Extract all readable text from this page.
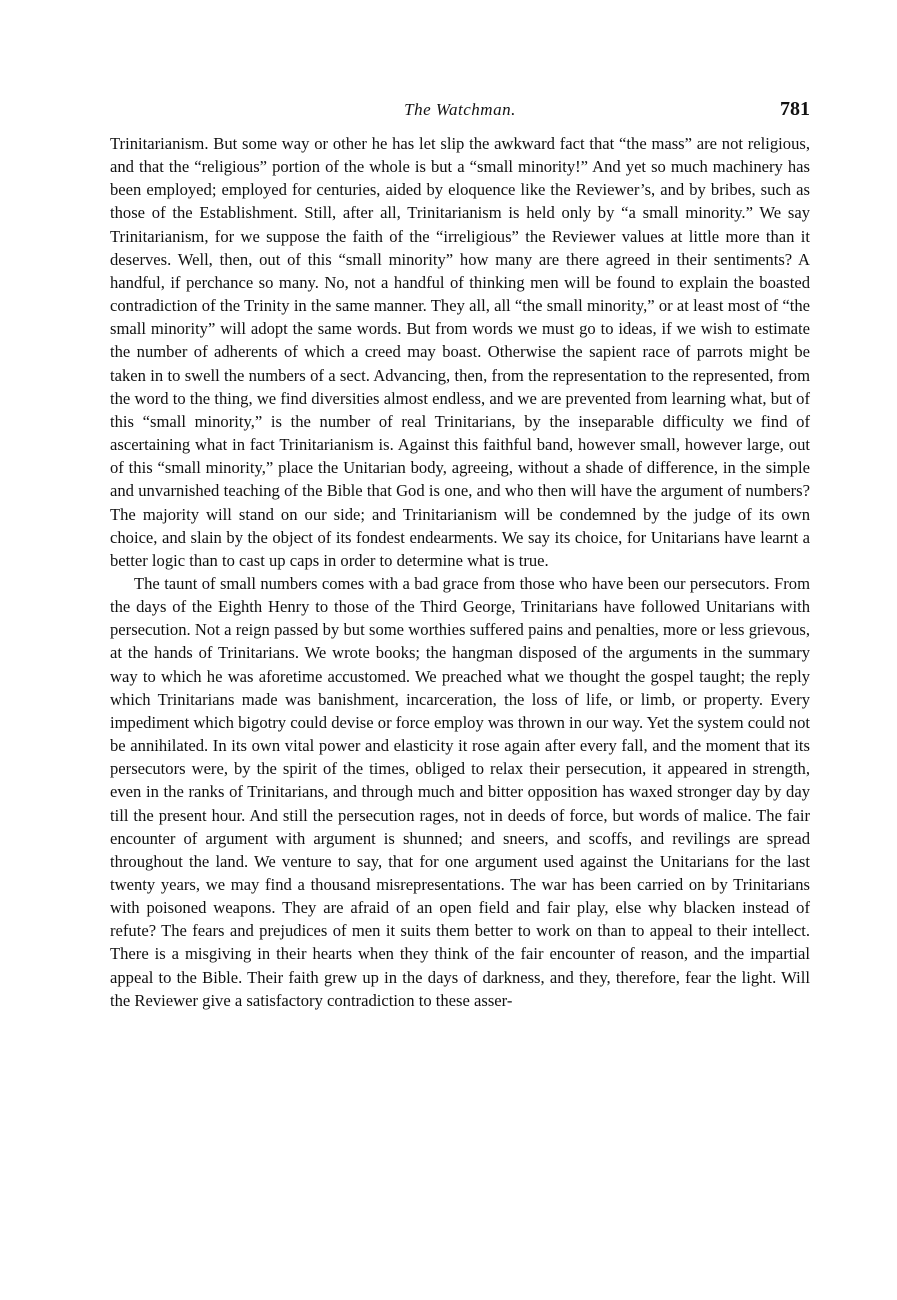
The Watchman.	781

Trinitarianism. But some way or other he has let slip the awkward fact that “the mass” are not religious, and that the “religious” portion of the whole is but a “small minority!” And yet so much machinery has been employed; employed for centuries, aided by eloquence like the Reviewer’s, and by bribes, such as those of the Establishment. Still, after all, Trinitarianism is held only by “a small minority.” We say Trinitarianism, for we suppose the faith of the “irreligious” the Reviewer values at little more than it deserves. Well, then, out of this “small minority” how many are there agreed in their sentiments? A handful, if perchance so many. No, not a handful of thinking men will be found to explain the boasted contradiction of the Trinity in the same manner. They all, all “the small minority,” or at least most of “the small minority” will adopt the same words. But from words we must go to ideas, if we wish to estimate the number of adherents of which a creed may boast. Otherwise the sapient race of parrots might be taken in to swell the numbers of a sect. Advancing, then, from the representation to the represented, from the word to the thing, we find diversities almost endless, and we are prevented from learning what, but of this “small minority,” is the number of real Trinitarians, by the inseparable difficulty we find of ascertaining what in fact Trinitarianism is. Against this faithful band, however small, however large, out of this “small minority,” place the Unitarian body, agreeing, without a shade of difference, in the simple and unvarnished teaching of the Bible that God is one, and who then will have the argument of numbers? The majority will stand on our side; and Trinitarianism will be condemned by the judge of its own choice, and slain by the object of its fondest endearments. We say its choice, for Unitarians have learnt a better logic than to cast up caps in order to determine what is true.

The taunt of small numbers comes with a bad grace from those who have been our persecutors. From the days of the Eighth Henry to those of the Third George, Trinitarians have followed Unitarians with persecution. Not a reign passed by but some worthies suffered pains and penalties, more or less grievous, at the hands of Trinitarians. We wrote books; the hangman disposed of the arguments in the summary way to which he was aforetime accustomed. We preached what we thought the gospel taught; the reply which Trinitarians made was banishment, incarceration, the loss of life, or limb, or property. Every impediment which bigotry could devise or force employ was thrown in our way. Yet the system could not be annihilated. In its own vital power and elasticity it rose again after every fall, and the moment that its persecutors were, by the spirit of the times, obliged to relax their persecution, it appeared in strength, even in the ranks of Trinitarians, and through much and bitter opposition has waxed stronger day by day till the present hour. And still the persecution rages, not in deeds of force, but words of malice. The fair encounter of argument with argument is shunned; and sneers, and scoffs, and revilings are spread throughout the land. We venture to say, that for one argument used against the Unitarians for the last twenty years, we may find a thousand misrepresentations. The war has been carried on by Trinitarians with poisoned weapons. They are afraid of an open field and fair play, else why blacken instead of refute? The fears and prejudices of men it suits them better to work on than to appeal to their intellect. There is a misgiving in their hearts when they think of the fair encounter of reason, and the impartial appeal to the Bible. Their faith grew up in the days of darkness, and they, therefore, fear the light. Will the Reviewer give a satisfactory contradiction to these asser-
